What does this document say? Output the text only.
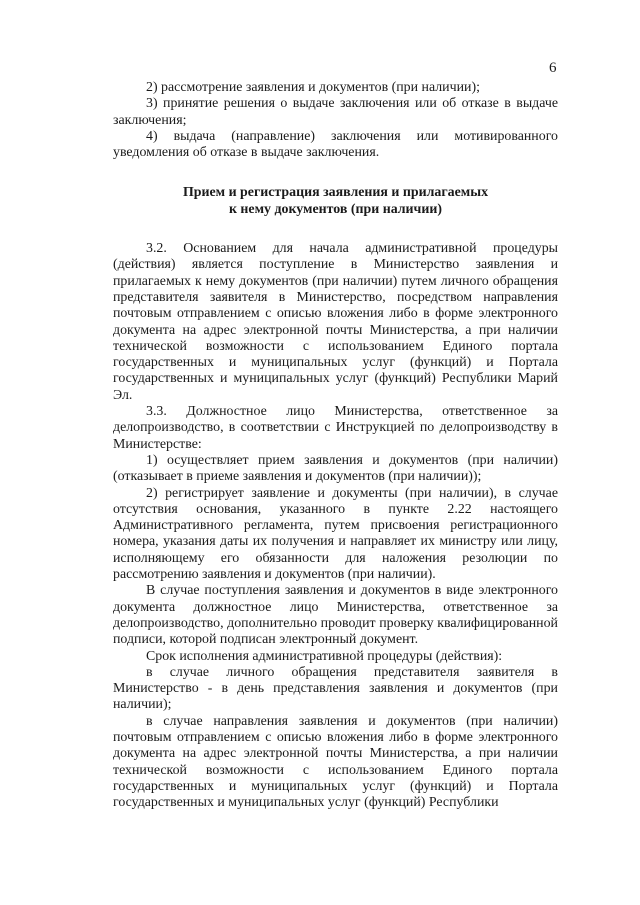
6

2) рассмотрение заявления и документов (при наличии);

3) принятие решения о выдаче заключения или об отказе в выдаче заключения;

4) выдача (направление) заключения или мотивированного уведомления об отказе в выдаче заключения.

Прием и регистрация заявления и прилагаемых
к нему документов (при наличии)

3.2. Основанием для начала административной процедуры (действия) является поступление в Министерство заявления и прилагаемых к нему документов (при наличии) путем личного обращения представителя заявителя в Министерство, посредством направления почтовым отправлением с описью вложения либо в форме электронного документа на адрес электронной почты Министерства, а при наличии технической возможности с использованием Единого портала государственных и муниципальных услуг (функций) и Портала государственных и муниципальных услуг (функций) Республики Марий Эл.

3.3. Должностное лицо Министерства, ответственное за делопроизводство, в соответствии с Инструкцией по делопроизводству в Министерстве:

1) осуществляет прием заявления и документов (при наличии) (отказывает в приеме заявления и документов (при наличии));

2) регистрирует заявление и документы (при наличии), в случае отсутствия основания, указанного в пункте 2.22 настоящего Административного регламента, путем присвоения регистрационного номера, указания даты их получения и направляет их министру или лицу, исполняющему его обязанности для наложения резолюции по рассмотрению заявления и документов (при наличии).

В случае поступления заявления и документов в виде электронного документа должностное лицо Министерства, ответственное за делопроизводство, дополнительно проводит проверку квалифицированной подписи, которой подписан электронный документ.

Срок исполнения административной процедуры (действия):

в случае личного обращения представителя заявителя в Министерство - в день представления заявления и документов (при наличии);

в случае направления заявления и документов (при наличии) почтовым отправлением с описью вложения либо в форме электронного документа на адрес электронной почты Министерства, а при наличии технической возможности с использованием Единого портала государственных и муниципальных услуг (функций) и Портала государственных и муниципальных услуг (функций) Республики
